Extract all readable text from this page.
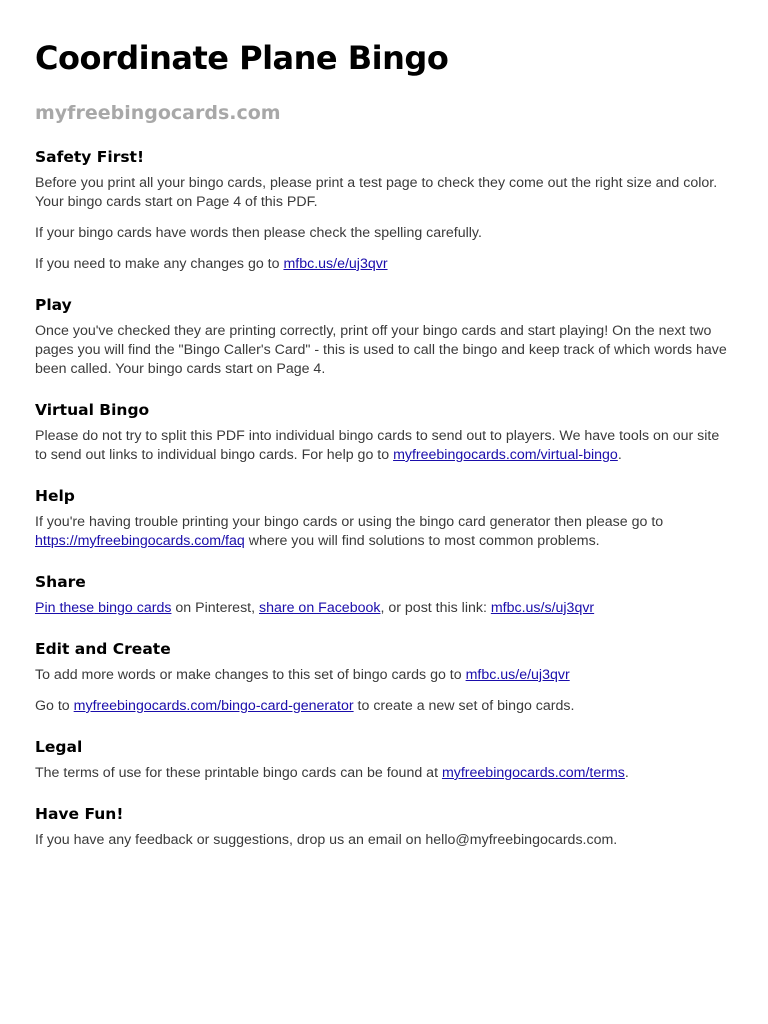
Coordinate Plane Bingo
myfreebingocards.com
Safety First!

Before you print all your bingo cards, please print a test page to check they come out the right size and color. Your bingo cards start on Page 4 of this PDF.

If your bingo cards have words then please check the spelling carefully.

If you need to make any changes go to mfbc.us/e/uj3qvr

Play

Once you've checked they are printing correctly, print off your bingo cards and start playing! On the next two pages you will find the "Bingo Caller's Card" - this is used to call the bingo and keep track of which words have been called. Your bingo cards start on Page 4.

Virtual Bingo

Please do not try to split this PDF into individual bingo cards to send out to players. We have tools on our site to send out links to individual bingo cards. For help go to myfreebingocards.com/virtual-bingo.

Help

If you're having trouble printing your bingo cards or using the bingo card generator then please go to https://myfreebingocards.com/faq where you will find solutions to most common problems.

Share

Pin these bingo cards on Pinterest, share on Facebook, or post this link: mfbc.us/s/uj3qvr

Edit and Create

To add more words or make changes to this set of bingo cards go to mfbc.us/e/uj3qvr

Go to myfreebingocards.com/bingo-card-generator to create a new set of bingo cards.

Legal

The terms of use for these printable bingo cards can be found at myfreebingocards.com/terms.

Have Fun!

If you have any feedback or suggestions, drop us an email on hello@myfreebingocards.com.
